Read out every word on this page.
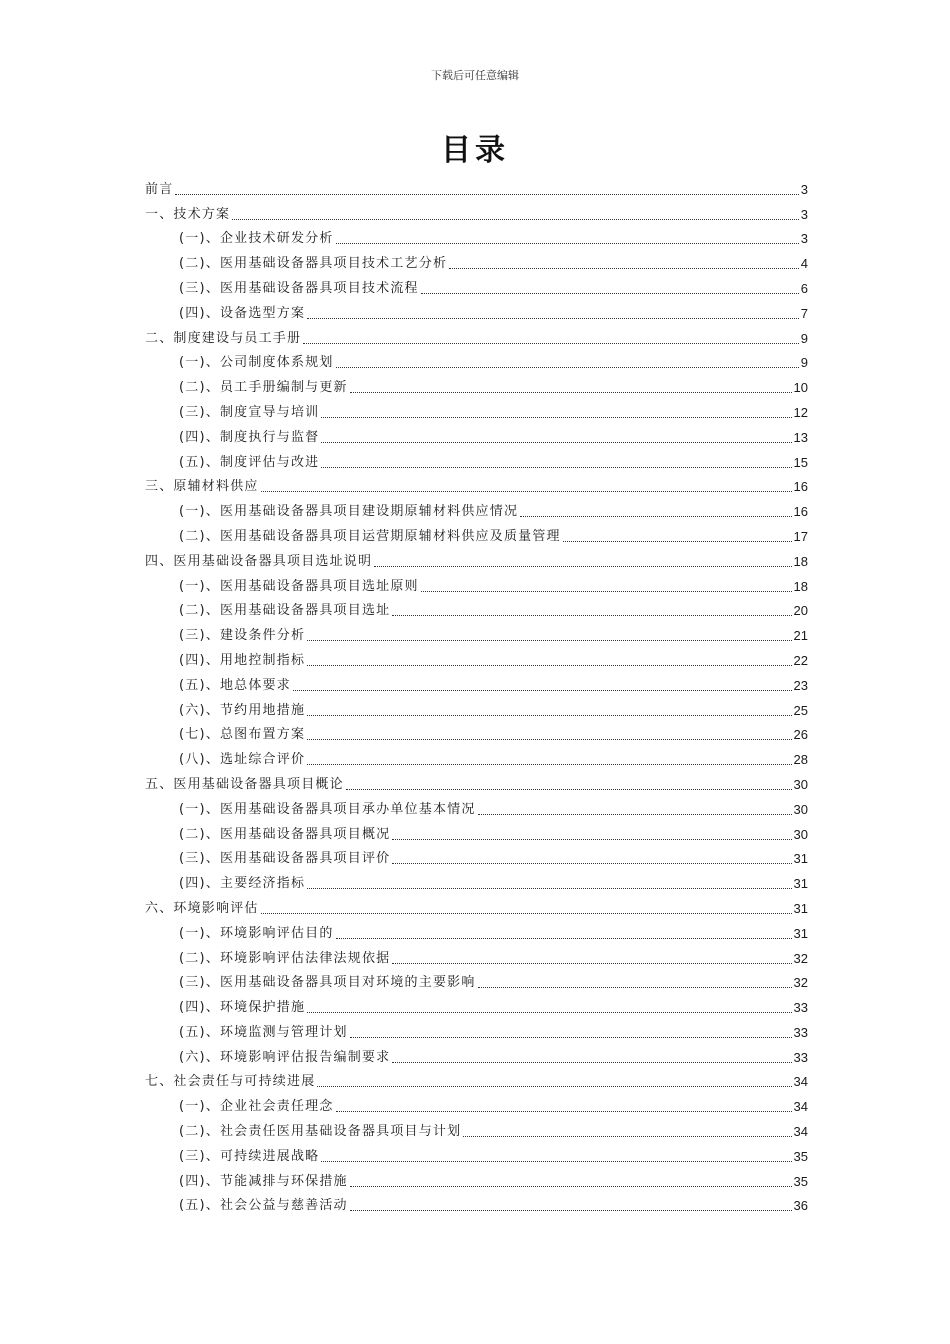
下载后可任意编辑
目录
前言	3
一、技术方案	3
(一)、企业技术研发分析	3
(二)、医用基础设备器具项目技术工艺分析	4
(三)、医用基础设备器具项目技术流程	6
(四)、设备选型方案	7
二、制度建设与员工手册	9
(一)、公司制度体系规划	9
(二)、员工手册编制与更新	10
(三)、制度宣导与培训	12
(四)、制度执行与监督	13
(五)、制度评估与改进	15
三、原辅材料供应	16
(一)、医用基础设备器具项目建设期原辅材料供应情况	16
(二)、医用基础设备器具项目运营期原辅材料供应及质量管理	17
四、医用基础设备器具项目选址说明	18
(一)、医用基础设备器具项目选址原则	18
(二)、医用基础设备器具项目选址	20
(三)、建设条件分析	21
(四)、用地控制指标	22
(五)、地总体要求	23
(六)、节约用地措施	25
(七)、总图布置方案	26
(八)、选址综合评价	28
五、医用基础设备器具项目概论	30
(一)、医用基础设备器具项目承办单位基本情况	30
(二)、医用基础设备器具项目概况	30
(三)、医用基础设备器具项目评价	31
(四)、主要经济指标	31
六、环境影响评估	31
(一)、环境影响评估目的	31
(二)、环境影响评估法律法规依据	32
(三)、医用基础设备器具项目对环境的主要影响	32
(四)、环境保护措施	33
(五)、环境监测与管理计划	33
(六)、环境影响评估报告编制要求	33
七、社会责任与可持续进展	34
(一)、企业社会责任理念	34
(二)、社会责任医用基础设备器具项目与计划	34
(三)、可持续进展战略	35
(四)、节能减排与环保措施	35
(五)、社会公益与慈善活动	36
